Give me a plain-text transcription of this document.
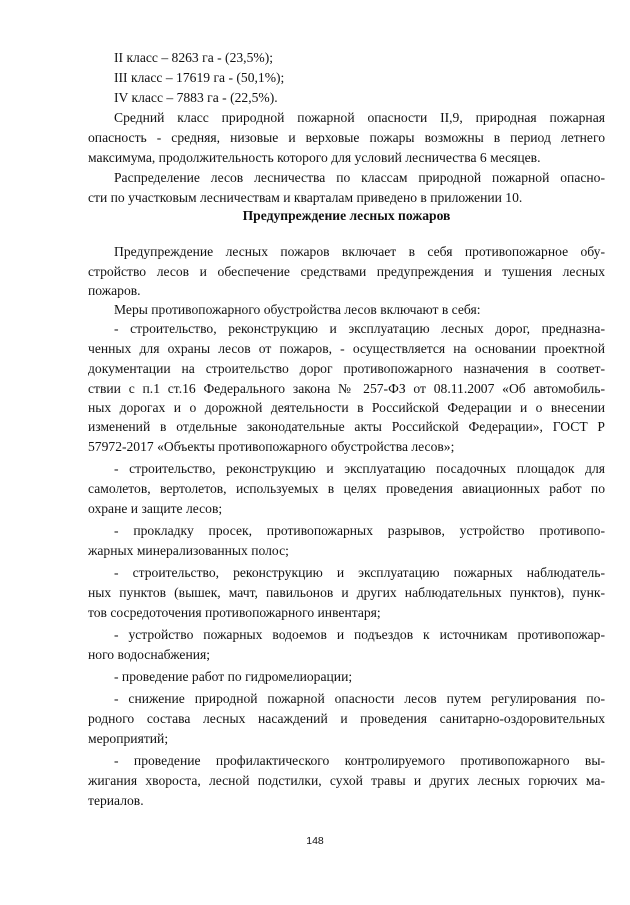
II класс – 8263 га - (23,5%);
III класс – 17619 га - (50,1%);
IV класс – 7883 га - (22,5%).
Средний класс природной пожарной опасности II,9, природная пожарная
опасность - средняя, низовые и верховые пожары возможны в период летнего
максимума, продолжительность которого для условий лесничества 6 месяцев.
Распределение лесов лесничества по классам природной пожарной опасно-
сти по участковым лесничествам и кварталам приведено в приложении 10.
Предупреждение лесных пожаров
Предупреждение лесных пожаров включает в себя противопожарное обу-
стройство лесов и обеспечение средствами предупреждения и тушения лесных
пожаров.
Меры противопожарного обустройства лесов включают в себя:
- строительство, реконструкцию и эксплуатацию лесных дорог, предназна-
ченных для охраны лесов от пожаров, - осуществляется на основании проектной
документации на строительство дорог противопожарного назначения в соответ-
ствии с п.1 ст.16 Федерального закона № 257-ФЗ от 08.11.2007 «Об автомобиль-
ных дорогах и о дорожной деятельности в Российской Федерации и о внесении
изменений в отдельные законодательные акты Российской Федерации», ГОСТ Р
57972-2017 «Объекты противопожарного обустройства лесов»;
- строительство, реконструкцию и эксплуатацию посадочных площадок для
самолетов, вертолетов, используемых в целях проведения авиационных работ по
охране и защите лесов;
- прокладку просек, противопожарных разрывов, устройство противопо-
жарных минерализованных полос;
- строительство, реконструкцию и эксплуатацию пожарных наблюдатель-
ных пунктов (вышек, мачт, павильонов и других наблюдательных пунктов), пунк-
тов сосредоточения противопожарного инвентаря;
- устройство пожарных водоемов и подъездов к источникам противопожар-
ного водоснабжения;
- проведение работ по гидромелиорации;
- снижение природной пожарной опасности лесов путем регулирования по-
родного состава лесных насаждений и проведения санитарно-оздоровительных
мероприятий;
- проведение профилактического контролируемого противопожарного вы-
жигания хвороста, лесной подстилки, сухой травы и других лесных горючих ма-
териалов.
148
